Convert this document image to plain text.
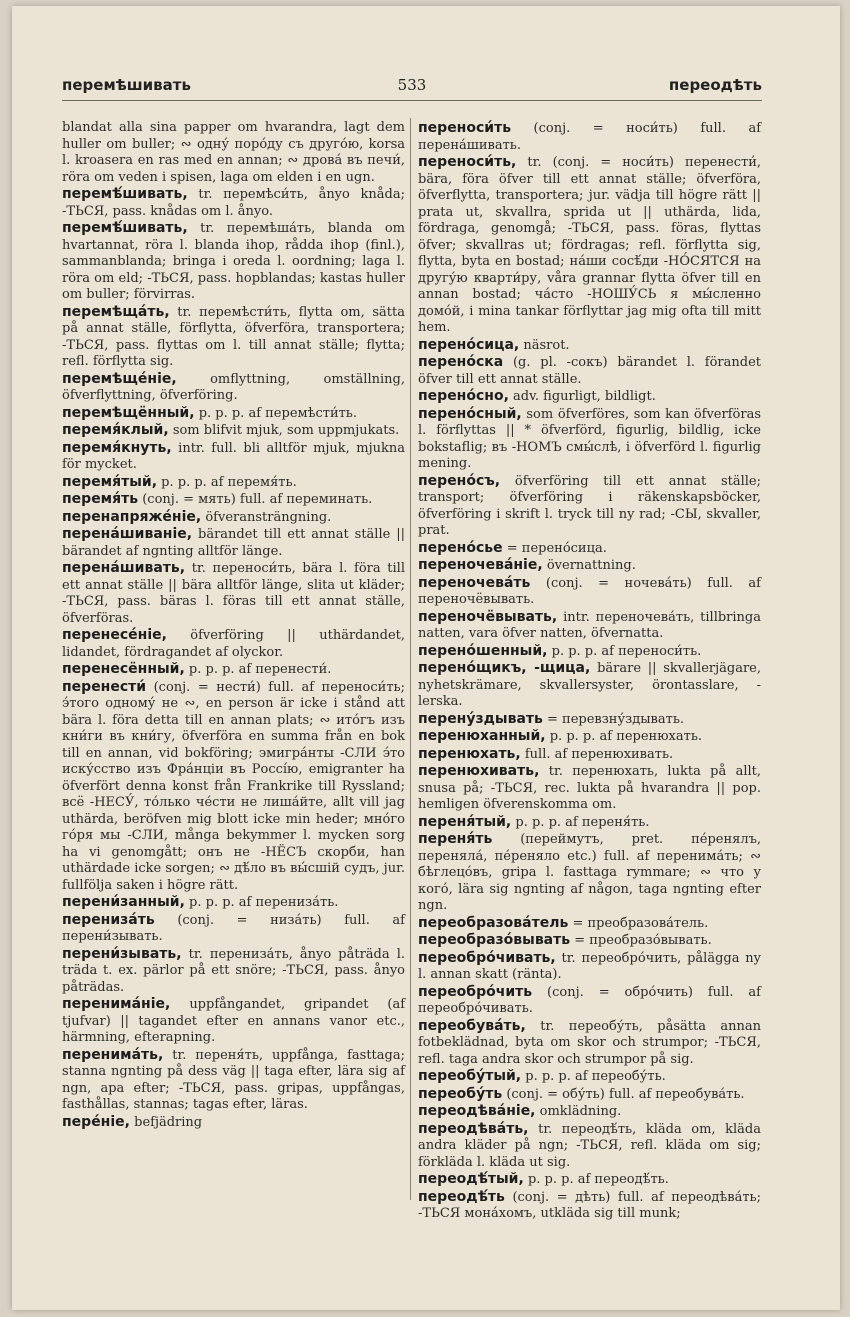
перемѣшивать	533	переодѣть

blandat alla sina papper om hvarandra, lagt dem huller om buller; ∾ одну́ поро́ду съ друго́ю, korsa l. kroasera en ras med en annan; ∾ дрова́ въ печи́, röra om veden i spisen, laga om elden i en ugn.

перемѣ́шивать, tr. перемѣси́ть, ånyo knåda; -ТЬСЯ, pass. knådas om l. ånyo.

перемѣ́шивать, tr. перемѣша́ть, blanda om hvartannat, röra l. blanda ihop, rådda ihop (finl.), sammanblanda; bringa i oreda l. oordning; laga l. röra om eld; -ТЬСЯ, pass. hopblandas; kastas huller om buller; förvirras.

перемѣща́ть, tr. перемѣсти́ть, flytta om, sätta på annat ställe, förflytta, öfverföra, transportera; -ТЬСЯ, pass. flyttas om l. till annat ställe; flytta; refl. förflytta sig.

перемѣще́ніе,	omflyttning, omställning, öfverflyttning, öfverföring.

перемѣщённый, p. p. p. af перемѣсти́ть.

перемя́клый, som blifvit mjuk, som uppmjukats.

перемя́кнуть, intr. full. bli alltför mjuk, mjukna för mycket.

перемя́тый, p. p. p. af перемя́ть.

перемя́ть (conj. = мять) full. af переминать.

перенапряже́ніе, öfveransträngning.

перена́шиваніе, bärandet till ett annat ställe || bärandet af ngnting alltför länge.

перена́шивать, tr. переноси́ть, bära l. föra till ett annat ställe || bära alltför länge, slita ut kläder; -ТЬСЯ, pass. bäras l. föras till ett annat ställe, öfverföras.

перенесе́ніе, öfverföring || uthärdandet, lidandet, fördragandet af olyckor.

перенесённый, p. p. p. af перенести́.

перенести́ (conj. = нести́) full. af переноси́ть; э́того одному́ не ∾, en person är icke i stånd att bära l. föra detta till en annan plats; ∾ ито́гъ изъ кни́ги въ кни́гу, öfverföra en summa från en bok till en annan, vid bokföring; эмигра́нты -СЛИ э́то иску́сство изъ Фра́нціи въ Россі́ю, emigranter ha öfverfört denna konst från Frankrike till Ryssland; всё -НЕСУ́, то́лько че́сти не лиша́йте, allt vill jag uthärda, beröfven mig blott icke min heder; мно́го го́ря мы -СЛИ, många bekymmer l. mycken sorg ha vi genomgått; онъ не -НЁСЪ скорби, han uthärdade icke sorgen; ∾ дѣ́ло въ вы́сшій судъ, jur. fullfölja saken i högre rätt.

перени́занный, p. p. p. af перениза́ть.

перениза́ть (conj. = низа́ть) full. af перени́зывать.

перени́зывать, tr. перениза́ть, ånyo påträda l. träda t. ex. pärlor på ett snöre; -ТЬСЯ, pass. ånyo påträdas.

перенима́ніе, uppfångandet, gripandet (af tjufvar) || tagandet efter en annans vanor etc., härmning, efterapning.

перенима́ть, tr. переня́ть, uppfånga, fasttaga; stanna ngnting på dess väg || taga efter, lära sig af ngn, apa efter; -ТЬСЯ, pass. gripas, uppfångas, fasthållas, stannas; tagas efter, läras.

пере́ніе, befjädring

переноси́ть (conj. = носи́ть) full. af перена́шивать.

переноси́ть, tr. (conj. = носи́ть) перенести́, bära, föra öfver till ett annat ställe; öfverföra, öfverflytta, transportera; jur. vädja till högre rätt || prata ut, skvallra, sprida ut || uthärda, lida, fördraga, genomgå; -ТЬСЯ, pass. föras, flyttas öfver; skvallras ut; fördragas; refl. förflytta sig, flytta, byta en bostad; на́ши сосѣ́ди -НО́СЯТСЯ на другу́ю кварти́ру, våra grannar flytta öfver till en annan bostad; ча́сто -НОШУ́СЬ я мы́сленно домо́й, i mina tankar förflyttar jag mig ofta till mitt hem.

перено́сица, näsrot.

перено́ска (g. pl. -сокъ) bärandet l. förandet öfver till ett annat ställe.

перено́сно, adv. figurligt, bildligt.

перено́сный, som öfverföres, som kan öfverföras l. förflyttas || * öfverförd, figurlig, bildlig, icke bokstaflig; въ -НОМЪ смы́слѣ, i öfverförd l. figurlig mening.

перено́съ, öfverföring till ett annat ställe; transport; öfverföring i räkenskapsböcker, öfverföring i skrift l. tryck till ny rad; -СЫ, skvaller, prat.

перено́сье = перено́сица.

переночева́ніе, övernattning.

переночева́ть (conj. = ночева́ть) full. af переночёвывать.

переночёвывать, intr. переночева́ть, tillbringa natten, vara öfver natten, öfvernatta.

перено́шенный, p. p. p. af переноси́ть.

перено́щикъ, -щица, bärare || skvallerjägare, nyhetskrämare, skvallersyster, örontasslare, -lerska.

перену́здывать = перевзну́здывать.

перенюханный, p. p. p. af перенюхать.

перенюхать, full. af перенюхивать.

перенюхивать, tr. перенюхать, lukta på allt, snusa på; -ТЬСЯ, rec. lukta på hvarandra || pop. hemligen öfverenskomma om.

переня́тый, p. p. p. af переня́ть.

переня́ть (переймутъ, pret. пе́ренялъ, переняла́, пе́реняло etc.) full. af перенима́ть; ∾ бѣглецо́въ, gripa l. fasttaga rymmare; ∾ что у кого́, lära sig ngnting af någon, taga ngnting efter ngn.

переобразова́тель = преобразова́тель.

переобразо́вывать = преобразо́вывать.

переобро́чивать, tr. переобро́чить, pålägga ny l. annan skatt (ränta).

переобро́чить (conj. = обро́чить) full. af переобро́чивать.

переобува́ть, tr. переобу́ть, påsätta annan fotbeklädnad, byta om skor och strumpor; -ТЬСЯ, refl. taga andra skor och strumpor på sig.

переобу́тый, p. p. p. af переобу́ть.

переобу́ть (conj. = обу́ть) full. af переобува́ть.

переодѣва́ніе, omklädning.

переодѣва́ть, tr. переодѣ́ть, kläda om, kläda andra kläder på ngn; -ТЬСЯ, refl. kläda om sig; förkläda l. kläda ut sig.

переодѣ́тый, p. p. p. af переодѣ́ть.

переодѣ́ть (conj. = дѣть) full. af переодѣва́ть; -ТЬСЯ мона́хомъ, utkläda sig till munk;
